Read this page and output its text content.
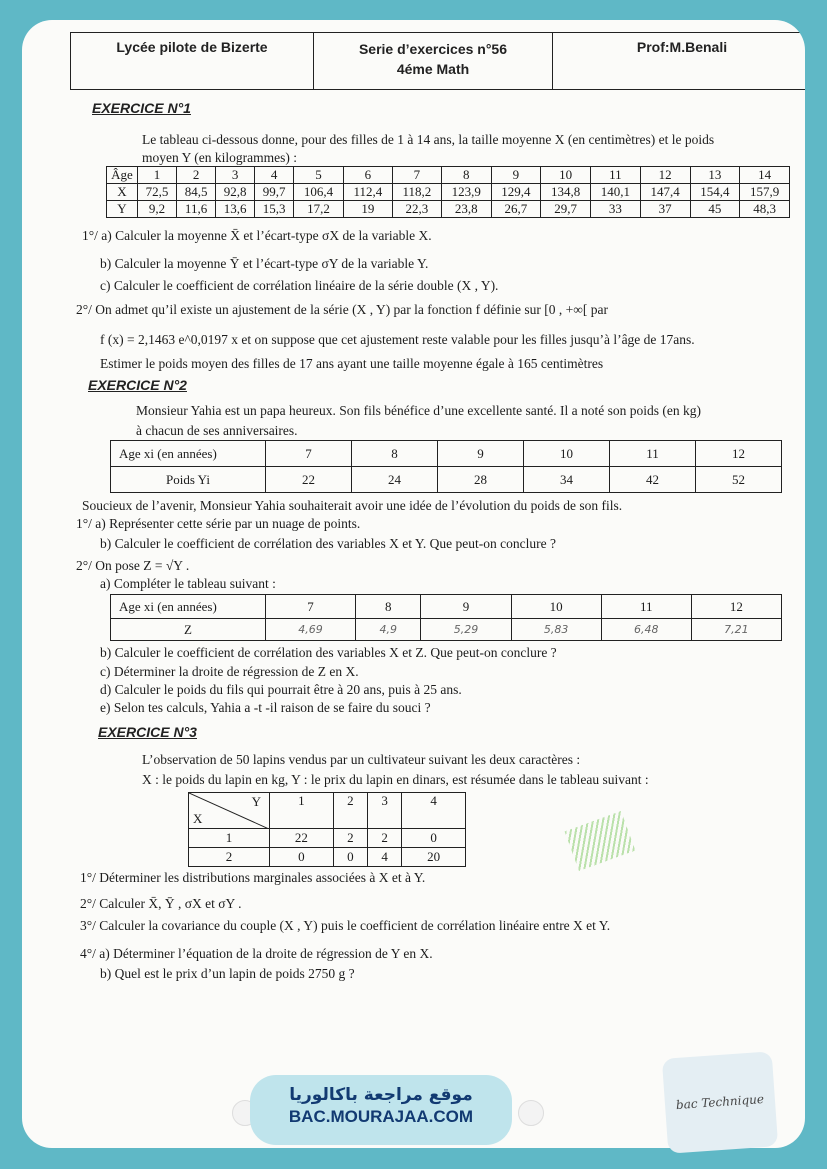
Lycée pilote de Bizerte	Serie d’exercices n°56
4éme Math
Prof:M.Benali
EXERCICE N°1
Le tableau ci-dessous donne, pour des filles de 1 à 14 ans, la taille moyenne X (en centimètres) et le poids
moyen Y (en kilogrammes) :
Âge	1	2	3	4	5	6	7	8	9	10	11	12	13	14
X	72,5	84,5	92,8	99,7	106,4	112,4	118,2	123,9	129,4	134,8	140,1	147,4	154,4	157,9
Y	9,2	11,6	13,6	15,3	17,2	19	22,3	23,8	26,7	29,7	33	37	45	48,3
1°/ a) Calculer la moyenne X̄ et l’écart-type σX de la variable X.
b) Calculer la moyenne Ȳ et l’écart-type σY de la variable Y.
c) Calculer le coefficient de corrélation linéaire de la série double (X , Y).
2°/ On admet qu’il existe un ajustement de la série (X , Y) par la fonction f définie sur [0 , +∞[ par
f (x) = 2,1463 e^0,0197 x et on suppose que cet ajustement reste valable pour les filles jusqu’à l’âge de 17ans.
Estimer le poids moyen des filles de 17 ans ayant une taille moyenne égale à 165 centimètres
EXERCICE N°2
Monsieur Yahia est un papa heureux. Son fils bénéfice d’une excellente santé. Il a noté son poids (en kg)
à chacun de ses anniversaires.
Age xi (en années)	7	8	9	10	11	12
Poids Yi	22	24	28	34	42	52
Soucieux de l’avenir, Monsieur Yahia souhaiterait avoir une idée de l’évolution du poids de son fils.
1°/ a) Représenter cette série par un nuage de points.
b) Calculer le coefficient de corrélation des variables X et Y. Que peut-on conclure ?
2°/ On pose Z = √Y .
a) Compléter le tableau suivant :
Age xi (en années)	7	8	9	10	11	12
Z	4,69	4,9	5,29	5,83	6,48	7,21
b) Calculer le coefficient de corrélation des variables X et Z. Que peut-on conclure ?
c) Déterminer la droite de régression de Z en X.
d) Calculer le poids du fils qui pourrait être à 20 ans, puis à 25 ans.
e) Selon tes calculs, Yahia a -t -il raison de se faire du souci ?
EXERCICE N°3
L’observation de 50 lapins vendus par un cultivateur suivant les deux caractères :
X : le poids du lapin en kg, Y : le prix du lapin en dinars, est résumée dans le tableau suivant :
Y
X	1	2	3	4
1	22	2	2	0
2	0	0	4	20
1°/ Déterminer les distributions marginales associées à X et à Y.
2°/ Calculer X̄, Ȳ , σX et σY .
3°/ Calculer la covariance du couple (X , Y) puis le coefficient de corrélation linéaire entre X et Y.
4°/ a) Déterminer l’équation de la droite de régression de Y en X.
b) Quel est le prix d’un lapin de poids 2750 g ?
موقع مراجعة باكالوريا
BAC.MOURAJAA.COM
bac Technique
